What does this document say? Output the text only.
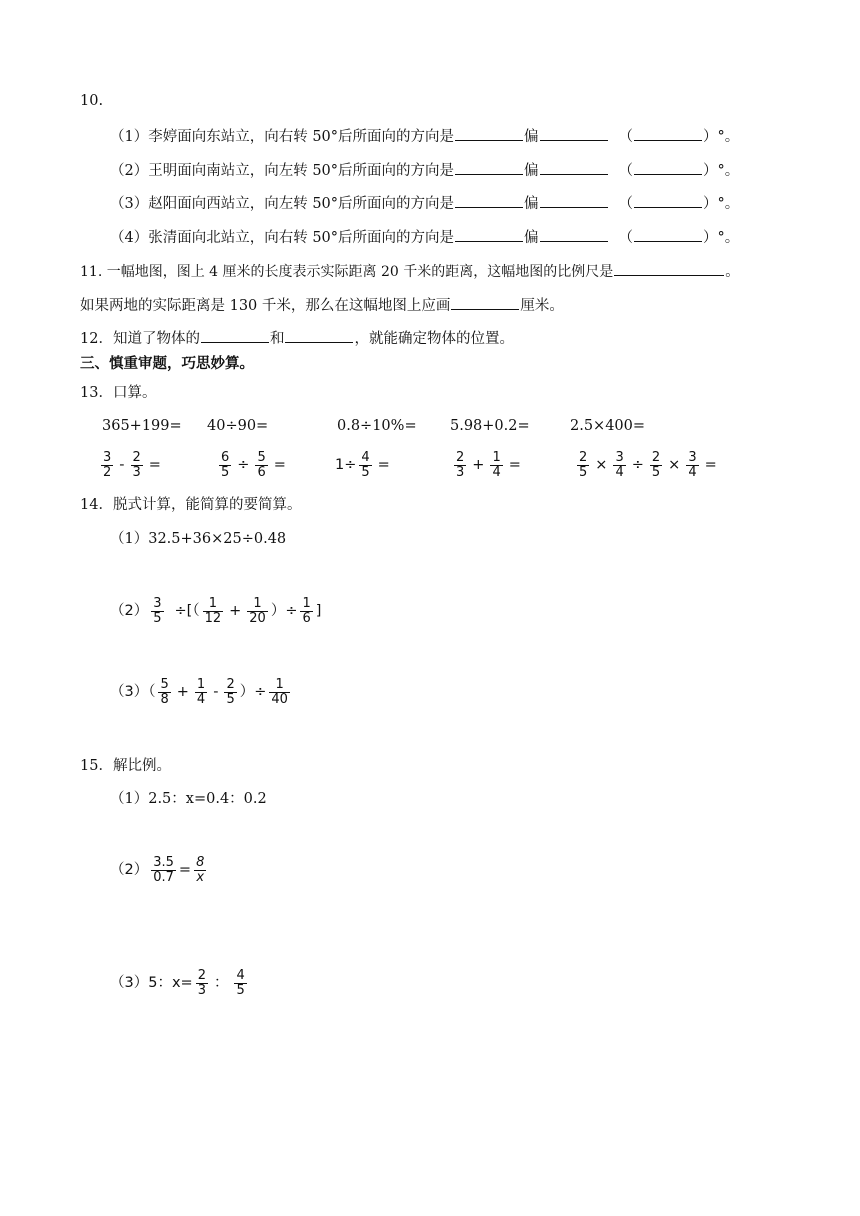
10.
（1）李婷面向东站立，向右转 50°后所面向的方向是	偏	（	）°。
（2）王明面向南站立，向左转 50°后所面向的方向是	偏	（	）°。
（3）赵阳面向西站立，向左转 50°后所面向的方向是	偏	（	）°。
（4）张清面向北站立，向右转 50°后所面向的方向是	偏	（	）°。
11. 一幅地图，图上 4 厘米的长度表示实际距离 20 千米的距离，这幅地图的比例尺是	。
如果两地的实际距离是 130 千米，那么在这幅地图上应画	厘米。
12．知道了物体的	和	，就能确定物体的位置。
三、慎重审题，巧思妙算。
13．口算。
365+199= 40÷90=	0.8÷10%= 5.98+0.2=	2.5×400=
$\frac{3}{2} - \frac{2}{3}$ =	$\frac{6}{5} \div \frac{5}{6}$ =	$1\div \frac{4}{5}$ =	$\frac{2}{3} + \frac{1}{4}$ =	$\frac{2}{5} \times \frac{3}{4} \div \frac{2}{5} \times \frac{3}{4}$ =
14．脱式计算，能简算的要简算。
（1）32.5+36×25÷0.48
$(2) \frac{3}{5}$ ÷[（ $\frac{1}{12} + \frac{1}{20}$ ）÷ $\frac{1}{6}$ ]
$(3)( \frac{5}{8} + \frac{1}{4} - \frac{2}{5}$ ）÷ $\frac{1}{40}$
15．解比例。
（1）2.5：x=0.4：0.2
$(2) \frac{3.5}{0.7} = \frac{8}{x}$
（3）5：$x= \frac{2}{3}$ ： $\frac{4}{5}$
